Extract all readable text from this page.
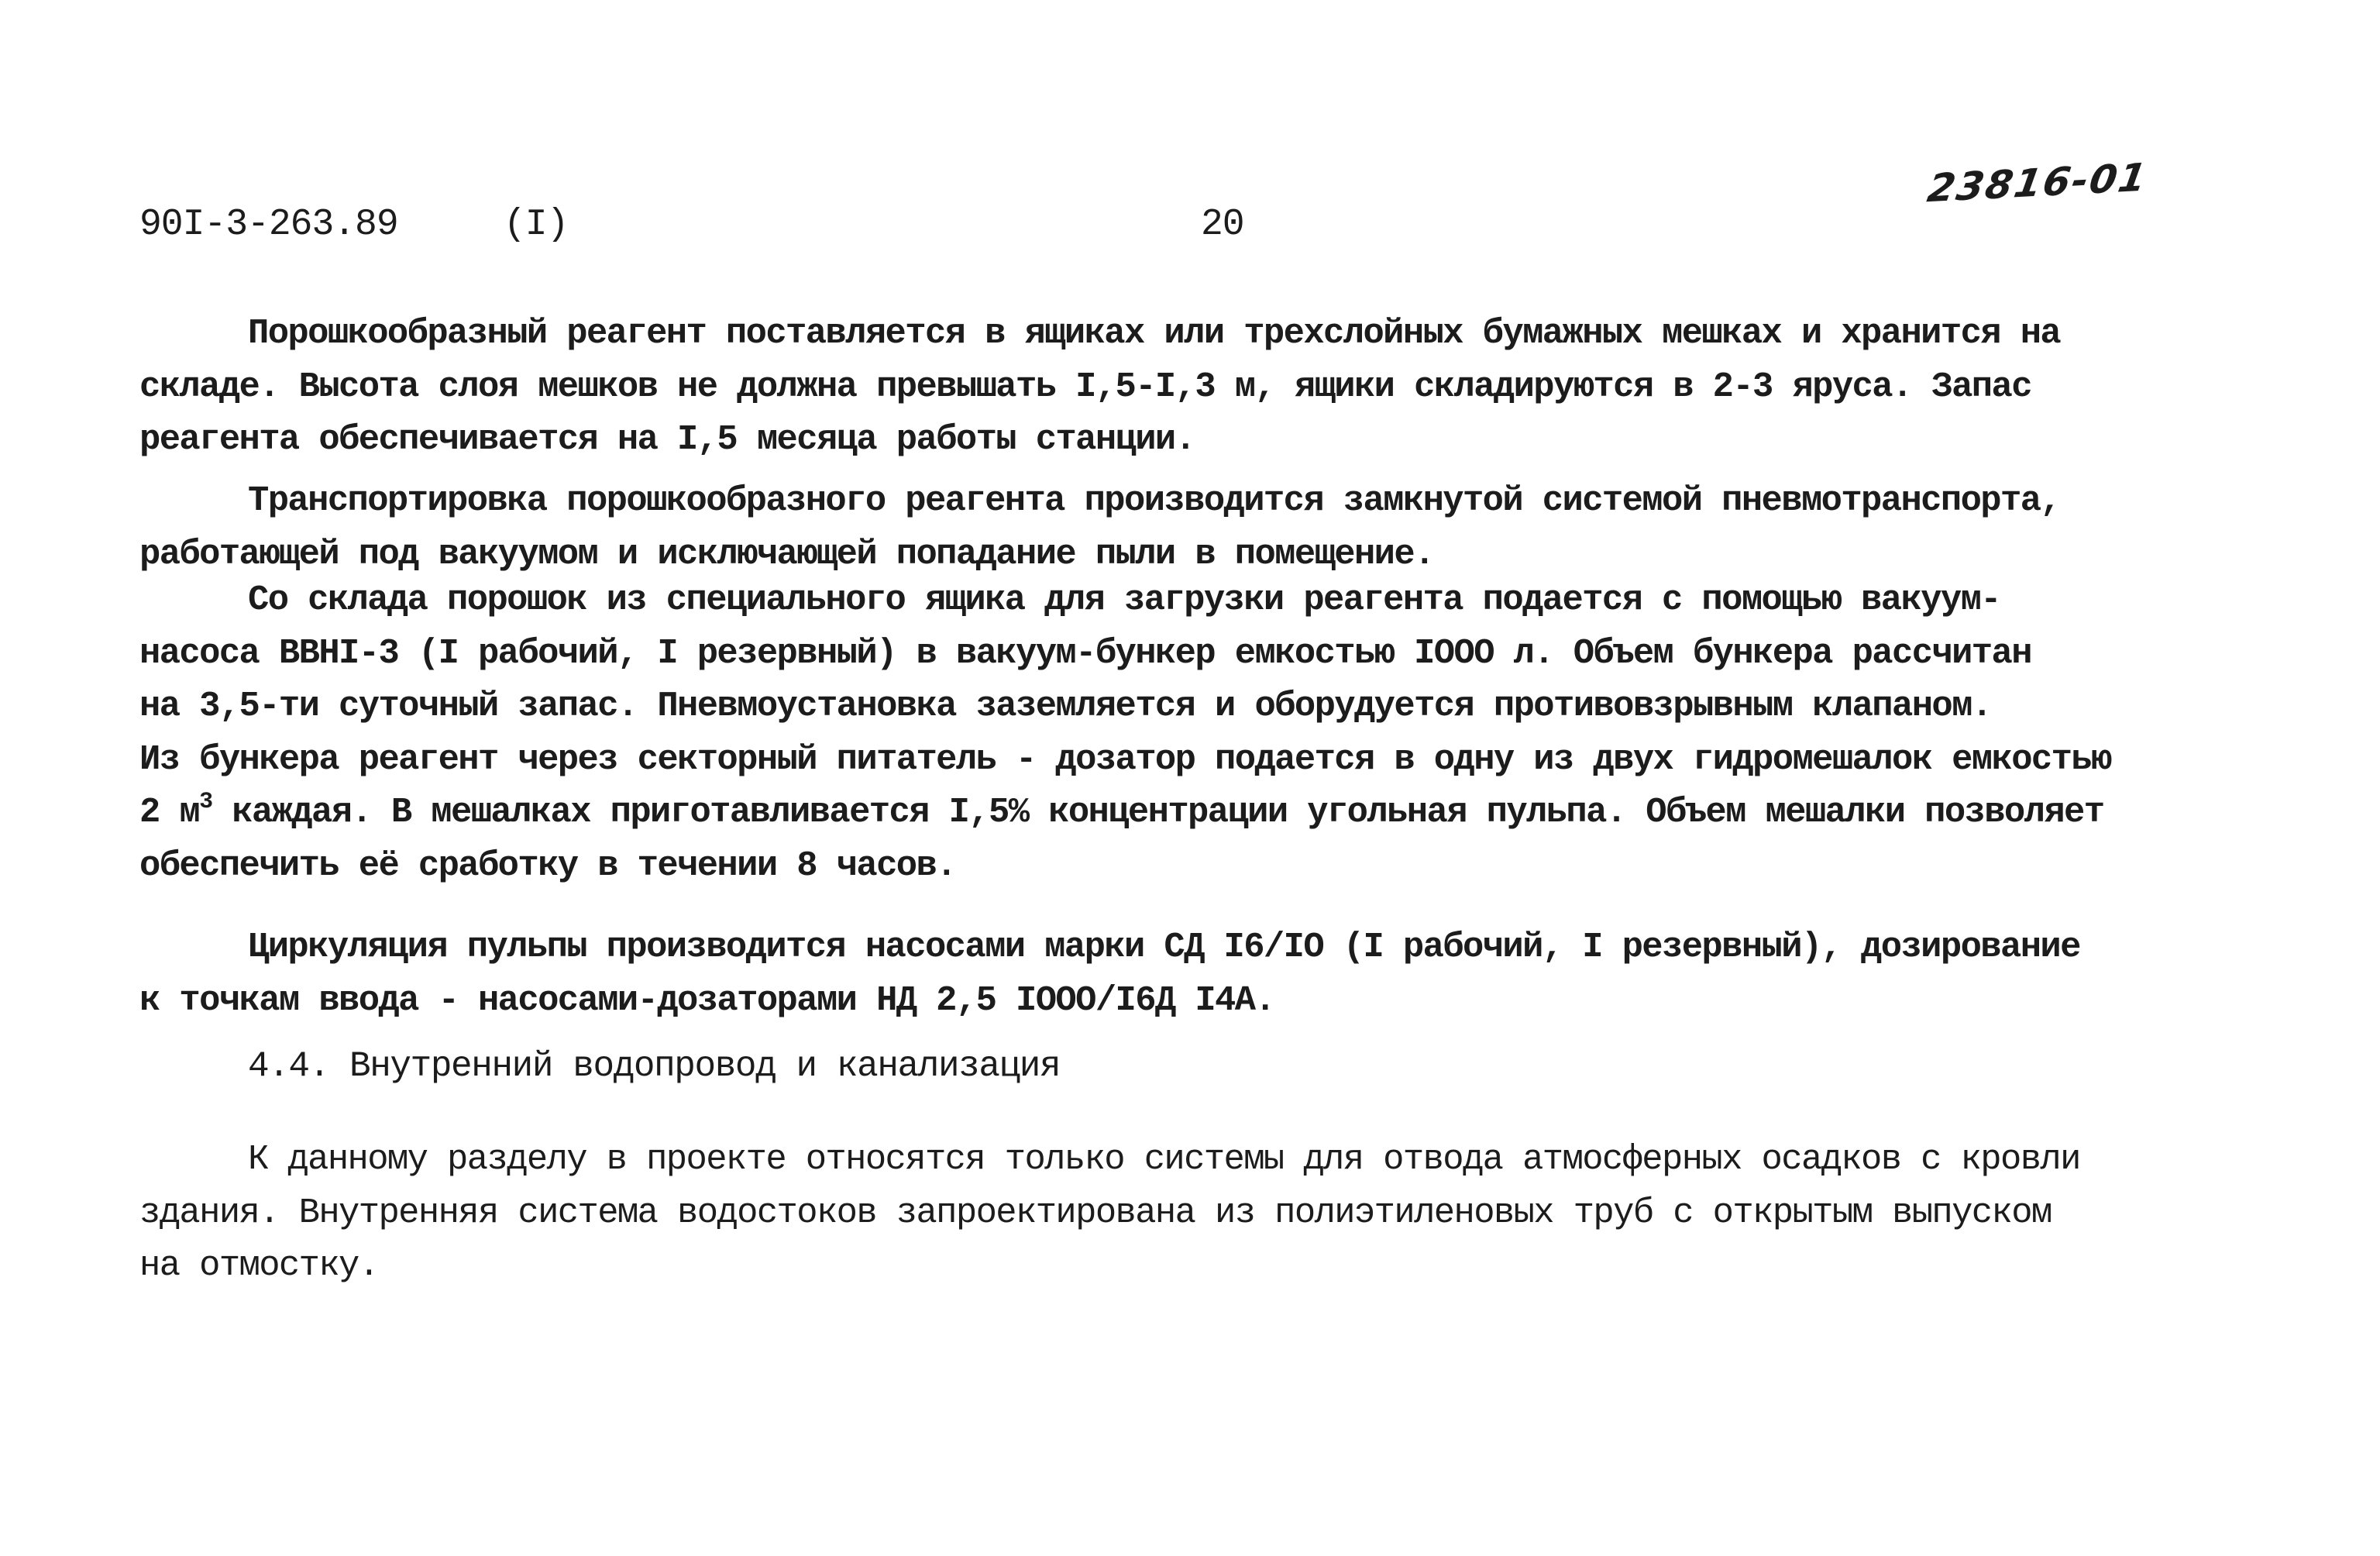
90I-3-263.89	(I)	20
23816-01
Порошкообразный реагент поставляется в ящиках или трехслойных бумажных мешках и хранится на
складе. Высота слоя мешков не должна превышать I,5-I,3 м, ящики складируются в 2-3 яруса. Запас
реагента обеспечивается на I,5 месяца работы станции.
Транспортировка порошкообразного реагента производится замкнутой системой пневмотранспорта,
работающей под вакуумом и исключающей попадание пыли в помещение.
Со склада порошок из специального ящика для загрузки реагента подается с помощью вакуум-
насоса ВВНI-3 (I рабочий, I резервный) в вакуум-бункер емкостью IOOO л. Объем бункера рассчитан
на 3,5-ти суточный запас. Пневмоустановка заземляется и оборудуется противовзрывным клапаном.
Из бункера реагент через секторный питатель - дозатор подается в одну из двух гидромешалок емкостью
2 $м^3$ каждая. В мешалках приготавливается I,5% концентрации угольная пульпа. Объем мешалки позволяет
обеспечить её сработку в течении 8 часов.
Циркуляция пульпы производится насосами марки СД I6/IO (I рабочий, I резервный), дозирование
к точкам ввода - насосами-дозаторами НД 2,5 IOOO/I6Д I4А.
4.4. Внутренний водопровод и канализация
К данному разделу в проекте относятся только системы для отвода атмосферных осадков с кровли
здания. Внутренняя система водостоков запроектирована из полиэтиленовых труб с открытым выпуском
на отмостку.
